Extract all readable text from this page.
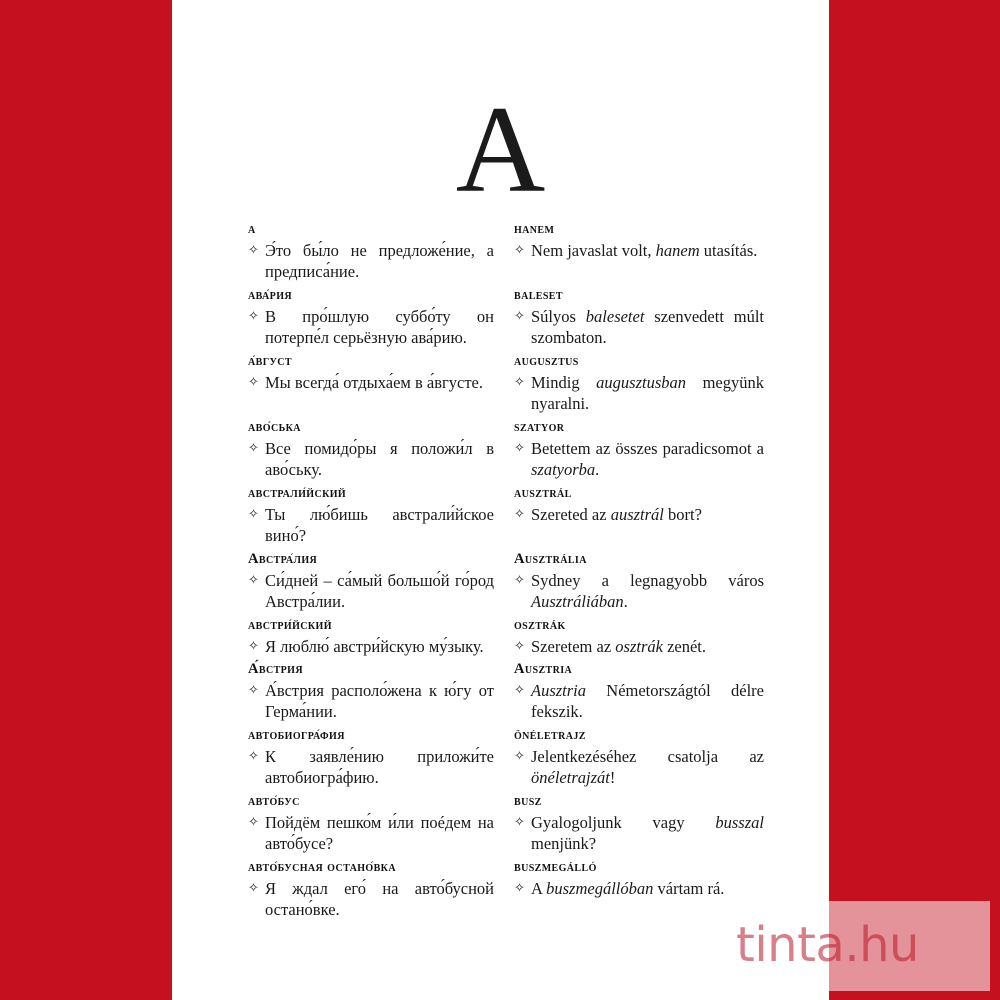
A
а
✧ Э́то бы́ло не предложе́ние, а предписа́ние.
ава́рия
✧ В про́шлую суббо́ту он потерпе́л серьёзную ава́рию.
а́вгуст
✧ Мы всегда́ отдыха́ем в а́вгусте.
аво́ська
✧ Все помидо́ры я положи́л в аво́ську.
австрали́йский
✧ Ты лю́бишь австрали́йское вино́?
Австра́лия
✧ Си́дней – са́мый большо́й го́род Австра́лии.
австри́йский
✧ Я люблю́ австри́йскую му́зыку.
А́встрия
✧ А́встрия располо́жена к ю́гу от Герма́нии.
автобиогра́фия
✧ К заявле́нию приложи́те автобиогра́фию.
авто́бус
✧ Пойдём пешко́м и́ли поéдем на авто́бусе?
авто́бусная остано́вка
✧ Я ждал его́ на авто́бусной остано́вке.
hanem
✧ Nem javaslat volt, hanem utasítás.
baleset
✧ Súlyos balesetet szenvedett múlt szombaton.
augusztus
✧ Mindig augusztusban megyünk nyaralni.
szatyor
✧ Betettem az összes paradicsomot a szatyorba.
ausztrál
✧ Szereted az ausztrál bort?
Ausztrália
✧ Sydney a legnagyobb város Ausztráliában.
osztrák
✧ Szeretem az osztrák zenét.
Ausztria
✧ Ausztria Németországtól délre fekszik.
önéletrajz
✧ Jelentkezéséhez csatolja az önéletrajzát!
busz
✧ Gyalogoljunk vagy busszal menjünk?
buszmegálló
✧ A buszmegállóban vártam rá.
tinta.hu
